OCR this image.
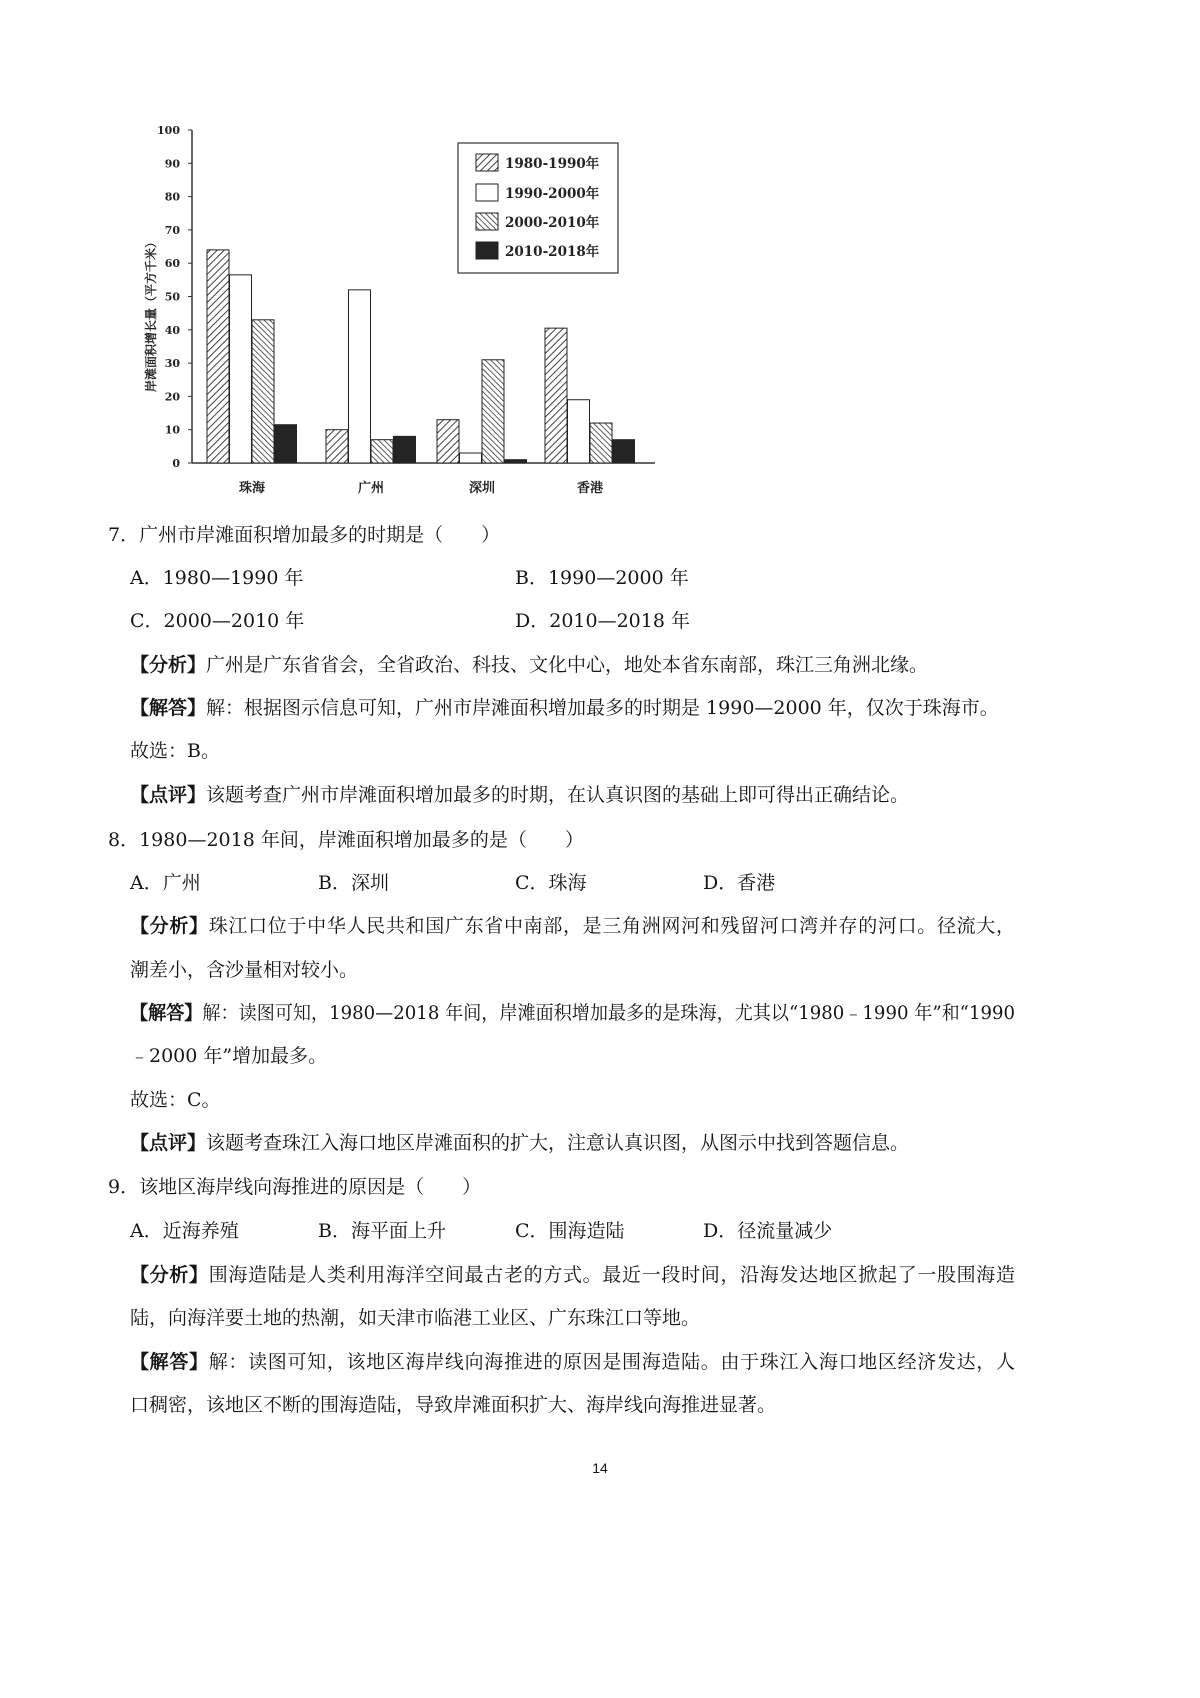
0
10
20
30
40
50
60
70
80
90
100
珠海	广州	深圳	香港
岸滩面积增长量（平方千米）
1980-1990年
1990-2000年
2000-2010年
2010-2018年
7．广州市岸滩面积增加最多的时期是（　　）
A．1980—1990 年	B．1990—2000 年
C．2000—2010 年	D．2010—2018 年
【分析】广州是广东省省会，全省政治、科技、文化中心，地处本省东南部，珠江三角洲北缘。
【解答】解：根据图示信息可知，广州市岸滩面积增加最多的时期是 1990—2000 年，仅次于珠海市。
故选：B。
【点评】该题考查广州市岸滩面积增加最多的时期，在认真识图的基础上即可得出正确结论。
8．1980—2018 年间，岸滩面积增加最多的是（　　）
A．广州	B．深圳	C．珠海	D．香港
【分析】珠江口位于中华人民共和国广东省中南部，是三角洲网河和残留河口湾并存的河口。径流大，
潮差小，含沙量相对较小。
【解答】解：读图可知，1980—2018 年间，岸滩面积增加最多的是珠海，尤其以“1980﹣1990 年”和“1990
﹣2000 年”增加最多。
故选：C。
【点评】该题考查珠江入海口地区岸滩面积的扩大，注意认真识图，从图示中找到答题信息。
9．该地区海岸线向海推进的原因是（　　）
A．近海养殖	B．海平面上升	C．围海造陆	D．径流量减少
【分析】围海造陆是人类利用海洋空间最古老的方式。最近一段时间，沿海发达地区掀起了一股围海造
陆，向海洋要土地的热潮，如天津市临港工业区、广东珠江口等地。
【解答】解：读图可知，该地区海岸线向海推进的原因是围海造陆。由于珠江入海口地区经济发达，人
口稠密，该地区不断的围海造陆，导致岸滩面积扩大、海岸线向海推进显著。
14
